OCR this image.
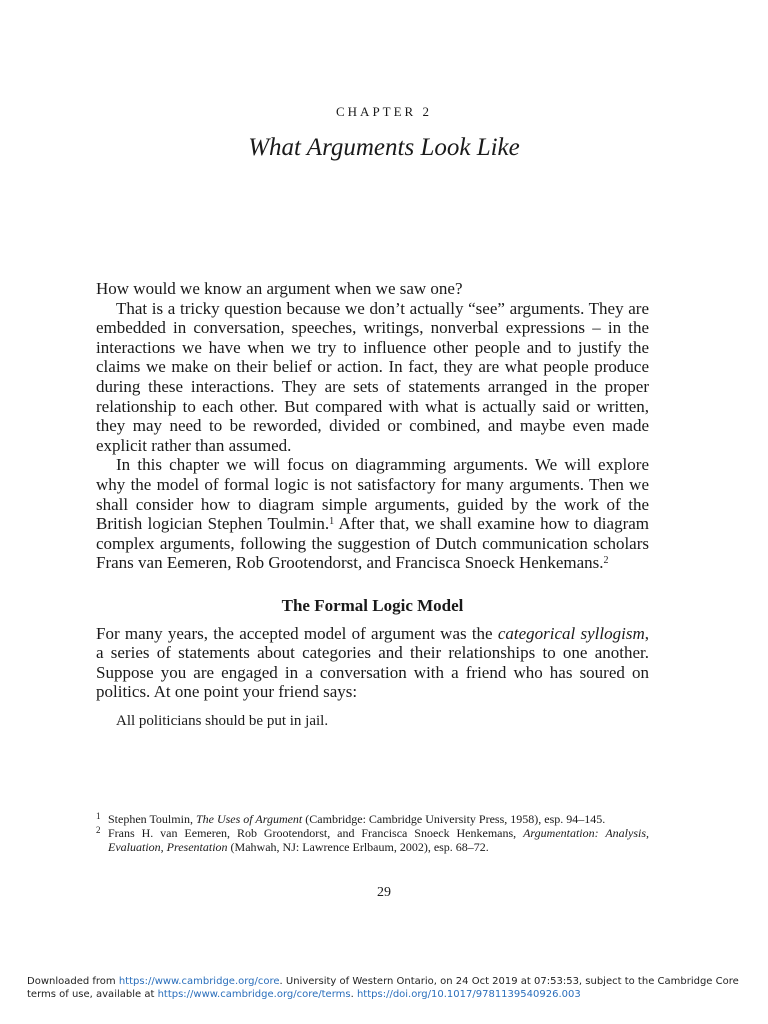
CHAPTER 2
What Arguments Look Like

How would we know an argument when we saw one?

That is a tricky question because we don’t actually “see” arguments. They are embedded in conversation, speeches, writings, nonverbal expressions – in the interactions we have when we try to influence other people and to justify the claims we make on their belief or action. In fact, they are what people produce during these interactions. They are sets of statements arranged in the proper relationship to each other. But compared with what is actually said or written, they may need to be reworded, divided or combined, and maybe even made explicit rather than assumed.

In this chapter we will focus on diagramming arguments. We will explore why the model of formal logic is not satisfactory for many arguments. Then we shall consider how to diagram simple arguments, guided by the work of the British logician Stephen Toulmin.$^1$ After that, we shall examine how to diagram complex arguments, following the suggestion of Dutch communication scholars Frans van Eemeren, Rob Grootendorst, and Francisca Snoeck Henkemans.$^2$

The Formal Logic Model

For many years, the accepted model of argument was the categorical syllogism, a series of statements about categories and their relationships to one another. Suppose you are engaged in a conversation with a friend who has soured on politics. At one point your friend says:

All politicians should be put in jail.
1 Stephen Toulmin, The Uses of Argument (Cambridge: Cambridge University Press, 1958), esp. 94–145.
2 Frans H. van Eemeren, Rob Grootendorst, and Francisca Snoeck Henkemans, Argumentation: Analysis, Evaluation, Presentation (Mahwah, NJ: Lawrence Erlbaum, 2002), esp. 68–72.
29
Downloaded from https://www.cambridge.org/core. University of Western Ontario, on 24 Oct 2019 at 07:53:53, subject to the Cambridge Core terms of use, available at https://www.cambridge.org/core/terms. https://doi.org/10.1017/9781139540926.003
